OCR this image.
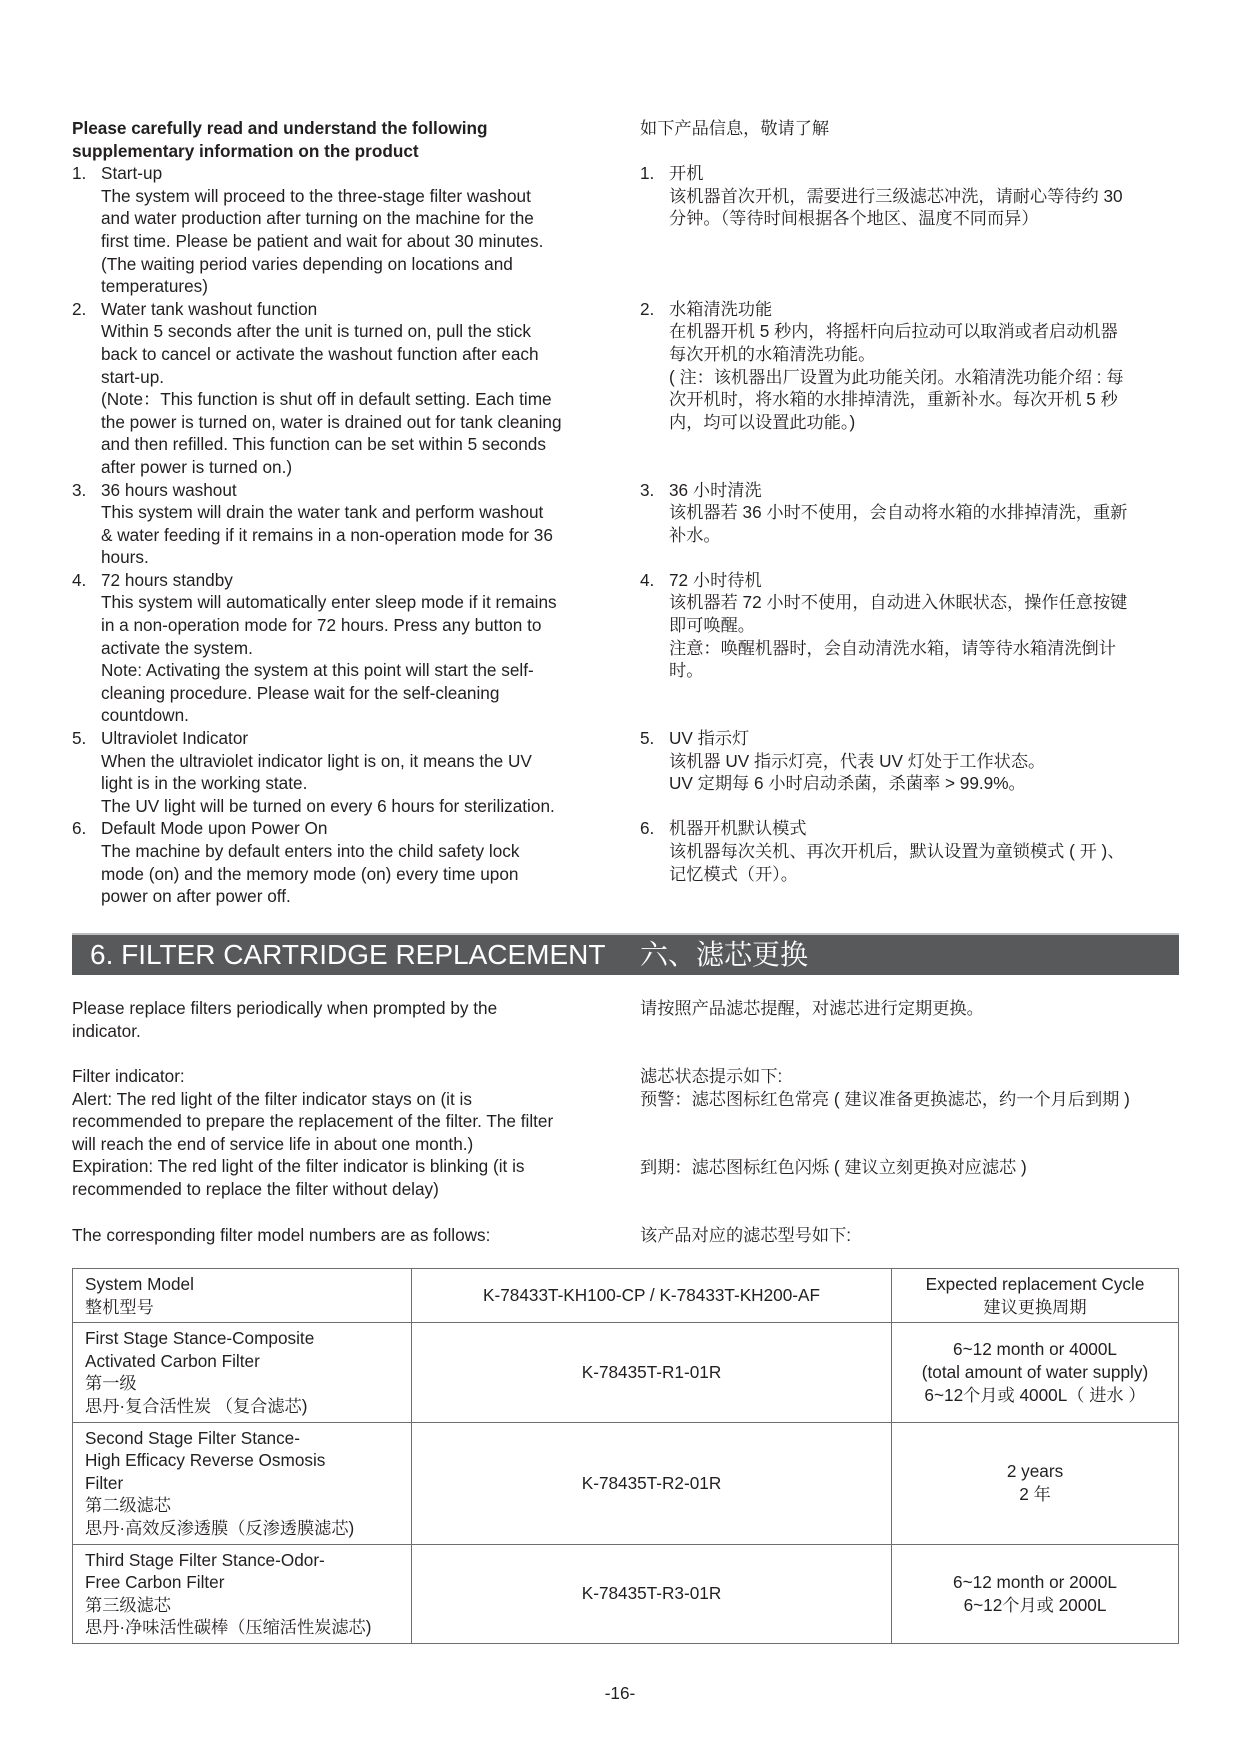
Please carefully read and understand the following
supplementary information on the product

1. Start-up
The system will proceed to the three-stage filter washout
and water production after turning on the machine for the
first time. Please be patient and wait for about 30 minutes.
(The waiting period varies depending on locations and
temperatures)
2. Water tank washout function
Within 5 seconds after the unit is turned on, pull the stick
back to cancel or activate the washout function after each
start-up.
(Note：This function is shut off in default setting. Each time
the power is turned on, water is drained out for tank cleaning
and then refilled. This function can be set within 5 seconds
after power is turned on.)
3. 36 hours washout
This system will drain the water tank and perform washout
& water feeding if it remains in a non-operation mode for 36
hours.
4. 72 hours standby
This system will automatically enter sleep mode if it remains
in a non-operation mode for 72 hours. Press any button to
activate the system.
Note: Activating the system at this point will start the self-
cleaning procedure. Please wait for the self-cleaning
countdown.
5. Ultraviolet Indicator
When the ultraviolet indicator light is on, it means the UV
light is in the working state.
The UV light will be turned on every 6 hours for sterilization.
6. Default Mode upon Power On
The machine by default enters into the child safety lock
mode (on) and the memory mode (on) every time upon
power on after power off.

如下产品信息，敬请了解

1. 开机
该机器首次开机，需要进行三级滤芯冲洗，请耐心等待约 30
分钟。（等待时间根据各个地区、温度不同而异）
2. 水箱清洗功能
在机器开机 5 秒内，将摇杆向后拉动可以取消或者启动机器
每次开机的水箱清洗功能。
( 注：该机器出厂设置为此功能关闭。水箱清洗功能介绍 : 每
次开机时，将水箱的水排掉清洗，重新补水。每次开机 5 秒
内，均可以设置此功能。)
3. 36 小时清洗
该机器若 36 小时不使用，会自动将水箱的水排掉清洗，重新
补水。
4. 72 小时待机
该机器若 72 小时不使用，自动进入休眠状态，操作任意按键
即可唤醒。
注意：唤醒机器时，会自动清洗水箱，请等待水箱清洗倒计
时。
5. UV 指示灯
该机器 UV 指示灯亮，代表 UV 灯处于工作状态。
UV 定期每 6 小时启动杀菌，杀菌率 > 99.9%。
6. 机器开机默认模式
该机器每次关机、再次开机后，默认设置为童锁模式 ( 开 )、
记忆模式（开）。
6. FILTER CARTRIDGE REPLACEMENT 六、滤芯更换

Please replace filters periodically when prompted by the
indicator.

请按照产品滤芯提醒，对滤芯进行定期更换。

Filter indicator:
Alert: The red light of the filter indicator stays on (it is
recommended to prepare the replacement of the filter. The filter
will reach the end of service life in about one month.)
Expiration: The red light of the filter indicator is blinking (it is
recommended to replace the filter without delay)

滤芯状态提示如下:
预警：滤芯图标红色常亮 ( 建议准备更换滤芯，约一个月后到期 )

到期：滤芯图标红色闪烁 ( 建议立刻更换对应滤芯 )

The corresponding filter model numbers are as follows:	该产品对应的滤芯型号如下:

System Model
整机型号	K-78433T-KH100-CP / K-78433T-KH200-AF	Expected replacement Cycle
建议更换周期

First Stage Stance-Composite
Activated Carbon Filter
第一级
思丹·复合活性炭 （复合滤芯)	K-78435T-R1-01R	6~12 month or 4000L
(total amount of water supply)
6~12个月或 4000L（ 进水 ）

Second Stage Filter Stance-
High Efficacy Reverse Osmosis
Filter
第二级滤芯
思丹·高效反渗透膜（反渗透膜滤芯)	K-78435T-R2-01R	2 years
2 年

Third Stage Filter Stance-Odor-
Free Carbon Filter
第三级滤芯
思丹·净味活性碳棒（压缩活性炭滤芯)	K-78435T-R3-01R	6~12 month or 2000L
6~12个月或 2000L
-16-
